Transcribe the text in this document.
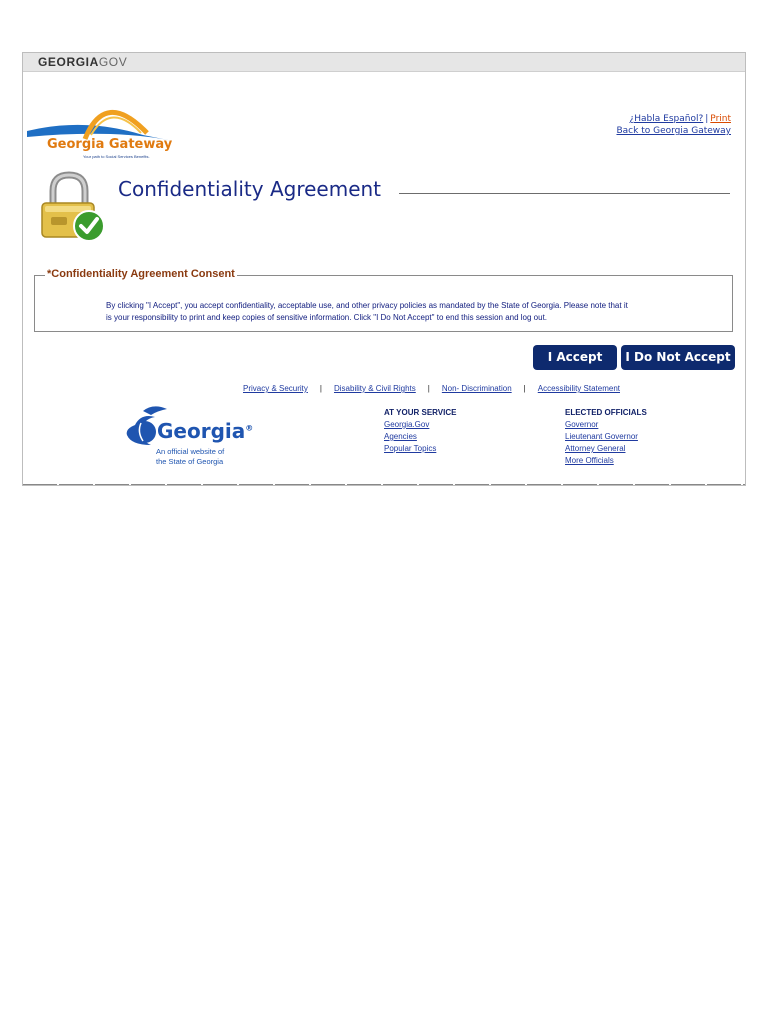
GEORGIAGOV
Georgia Gateway
Your path to Social Services Benefits.
¿Habla Español? | Print
Back to Georgia Gateway
Confidentiality Agreement
*Confidentiality Agreement Consent
By clicking "I Accept", you accept confidentiality, acceptable use, and other privacy policies as mandated by the State of Georgia. Please note that it
is your responsibility to print and keep copies of sensitive information. Click "I Do Not Accept" to end this session and log out.
I Accept	I Do Not Accept
Privacy & Security | Disability & Civil Rights | Non- Discrimination | Accessibility Statement
Georgia®
An official website of
the State of Georgia
AT YOUR SERVICE
Georgia.Gov
Agencies
Popular Topics
ELECTED OFFICIALS
Governor
Lieutenant Governor
Attorney General
More Officials
